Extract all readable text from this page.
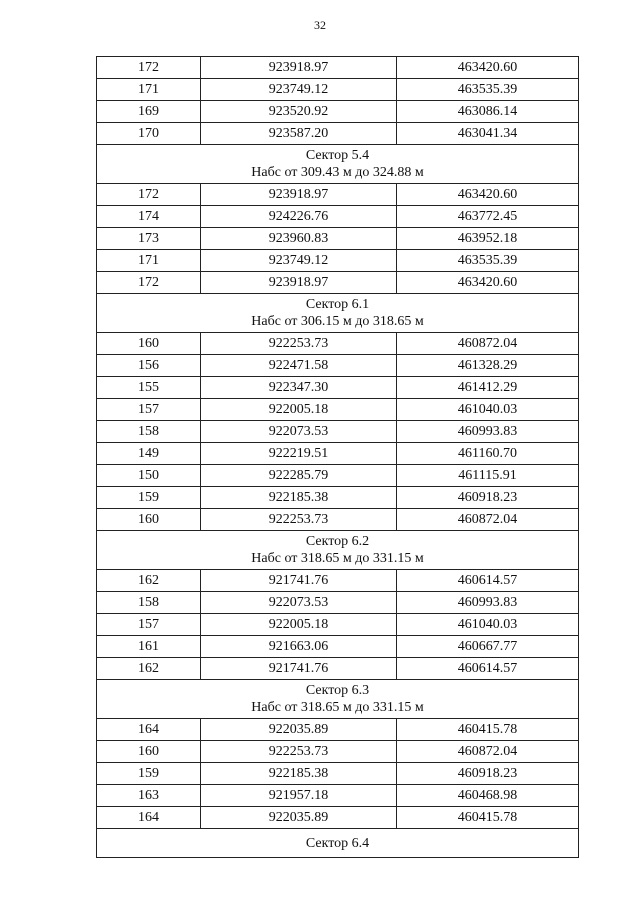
32
172	923918.97	463420.60
171	923749.12	463535.39
169	923520.92	463086.14
170	923587.20	463041.34

Сектор 5.4
Набс от 309.43 м до 324.88 м		

172	923918.97	463420.60
174	924226.76	463772.45
173	923960.83	463952.18
171	923749.12	463535.39
172	923918.97	463420.60

Сектор 6.1
Набс от 306.15 м до 318.65 м		

160	922253.73	460872.04
156	922471.58	461328.29
155	922347.30	461412.29
157	922005.18	461040.03
158	922073.53	460993.83
149	922219.51	461160.70
150	922285.79	461115.91
159	922185.38	460918.23
160	922253.73	460872.04

Сектор 6.2
Набс от 318.65 м до 331.15 м		

162	921741.76	460614.57
158	922073.53	460993.83
157	922005.18	461040.03
161	921663.06	460667.77
162	921741.76	460614.57

Сектор 6.3
Набс от 318.65 м до 331.15 м		

164	922035.89	460415.78
160	922253.73	460872.04
159	922185.38	460918.23
163	921957.18	460468.98
164	922035.89	460415.78

Сектор 6.4		
